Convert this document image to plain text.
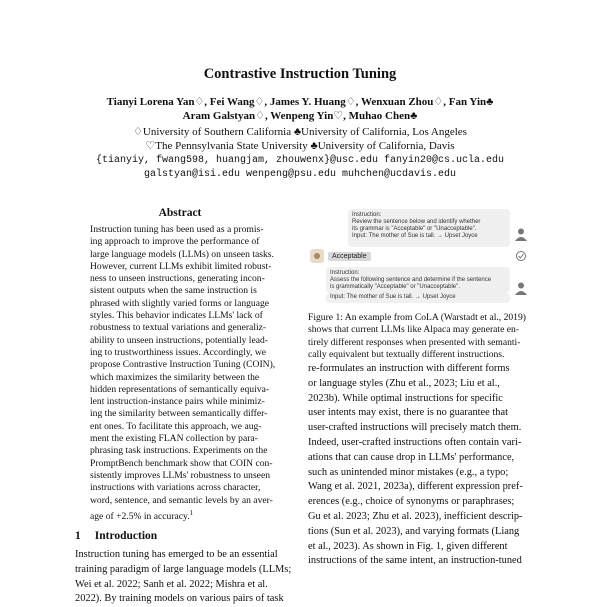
Contrastive Instruction Tuning
Tianyi Lorena Yan♢, Fei Wang♢, James Y. Huang♢, Wenxuan Zhou♢, Fan Yin♣
Aram Galstyan♢, Wenpeng Yin♡, Muhao Chen♣
♢University of Southern California ♣University of California, Los Angeles
♡The Pennsylvania State University ♣University of California, Davis
{tianyiy, fwang598, huangjam, zhouwenx}@usc.edu fanyin20@cs.ucla.edu
galstyan@isi.edu wenpeng@psu.edu muhchen@ucdavis.edu
Abstract
Instruction tuning has been used as a promis-
ing approach to improve the performance of
large language models (LLMs) on unseen tasks.
However, current LLMs exhibit limited robust-
ness to unseen instructions, generating incon-
sistent outputs when the same instruction is
phrased with slightly varied forms or language
styles. This behavior indicates LLMs' lack of
robustness to textual variations and generaliz-
ability to unseen instructions, potentially lead-
ing to trustworthiness issues. Accordingly, we
propose Contrastive Instruction Tuning (COIN),
which maximizes the similarity between the
hidden representations of semantically equiva-
lent instruction-instance pairs while minimiz-
ing the similarity between semantically differ-
ent ones. To facilitate this approach, we aug-
ment the existing FLAN collection by para-
phrasing task instructions. Experiments on the
PromptBench benchmark show that COIN con-
sistently improves LLMs' robustness to unseen
instructions with variations across character,
word, sentence, and semantic levels by an aver-
age of +2.5% in accuracy.$^1$
1 Introduction
Instruction tuning has emerged to be an essential
training paradigm of large language models (LLMs;
Wei et al. 2022; Sanh et al. 2022; Mishra et al.
2022). By training models on various pairs of task
Instruction:
Review the sentence below and identify whether
its grammar is "Acceptable" or "Unacceptable".
Input: The mother of Sue is tall. → Upset Joyce
Acceptable
Instruction:
Assess the following sentence and determine if the sentence
is grammatically "Acceptable" or "Unacceptable".
Input: The mother of Sue is tall. → Upset Joyce
Figure 1: An example from CoLA (Warstadt et al., 2019)
shows that current LLMs like Alpaca may generate en-
tirely different responses when presented with semanti-
cally equivalent but textually different instructions.
re-formulates an instruction with different forms
or language styles (Zhu et al., 2023; Liu et al.,
2023b). While optimal instructions for specific
user intents may exist, there is no guarantee that
user-crafted instructions will precisely match them.
Indeed, user-crafted instructions often contain vari-
ations that can cause drop in LLMs' performance,
such as unintended minor mistakes (e.g., a typo;
Wang et al. 2021, 2023a), different expression pref-
erences (e.g., choice of synonyms or paraphrases;
Gu et al. 2023; Zhu et al. 2023), inefficient descrip-
tions (Sun et al. 2023), and varying formats (Liang
et al., 2023). As shown in Fig. 1, given different
instructions of the same intent, an instruction-tuned
